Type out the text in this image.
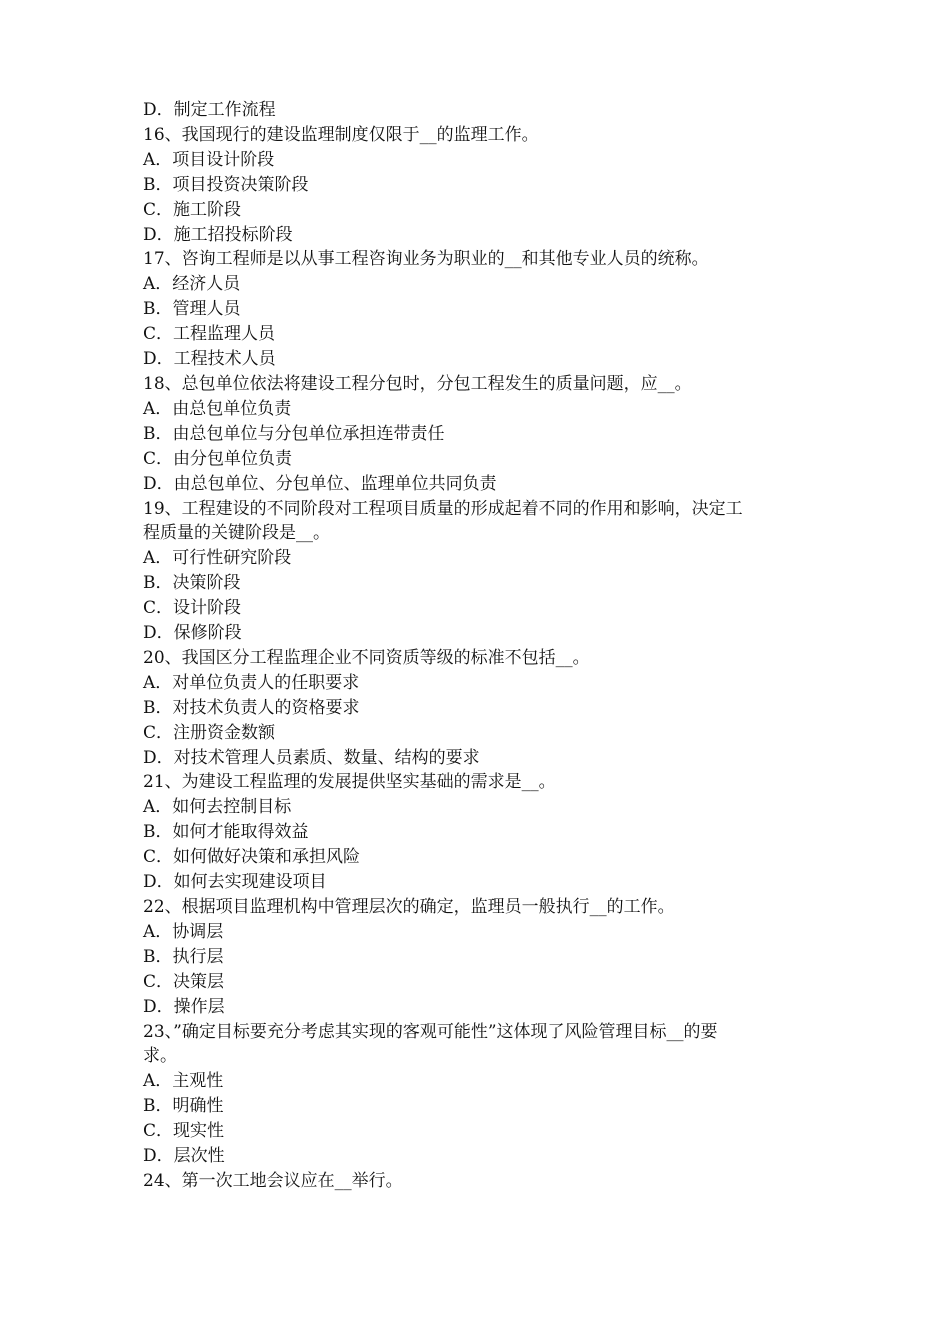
D．制定工作流程

16、我国现行的建设监理制度仅限于__的监理工作。

A．项目设计阶段

B．项目投资决策阶段

C．施工阶段

D．施工招投标阶段

17、咨询工程师是以从事工程咨询业务为职业的__和其他专业人员的统称。

A．经济人员

B．管理人员

C．工程监理人员

D．工程技术人员

18、总包单位依法将建设工程分包时，分包工程发生的质量问题，应__。

A．由总包单位负责

B．由总包单位与分包单位承担连带责任

C．由分包单位负责

D．由总包单位、分包单位、监理单位共同负责

19、工程建设的不同阶段对工程项目质量的形成起着不同的作用和影响，决定工

程质量的关键阶段是__。

A．可行性研究阶段

B．决策阶段

C．设计阶段

D．保修阶段

20、我国区分工程监理企业不同资质等级的标准不包括__。

A．对单位负责人的任职要求

B．对技术负责人的资格要求

C．注册资金数额

D．对技术管理人员素质、数量、结构的要求

21、为建设工程监理的发展提供坚实基础的需求是__。

A．如何去控制目标

B．如何才能取得效益

C．如何做好决策和承担风险

D．如何去实现建设项目

22、根据项目监理机构中管理层次的确定，监理员一般执行__的工作。

A．协调层

B．执行层

C．决策层

D．操作层

23、”确定目标要充分考虑其实现的客观可能性”这体现了风险管理目标__的要

求。

A．主观性

B．明确性

C．现实性

D．层次性

24、第一次工地会议应在__举行。
